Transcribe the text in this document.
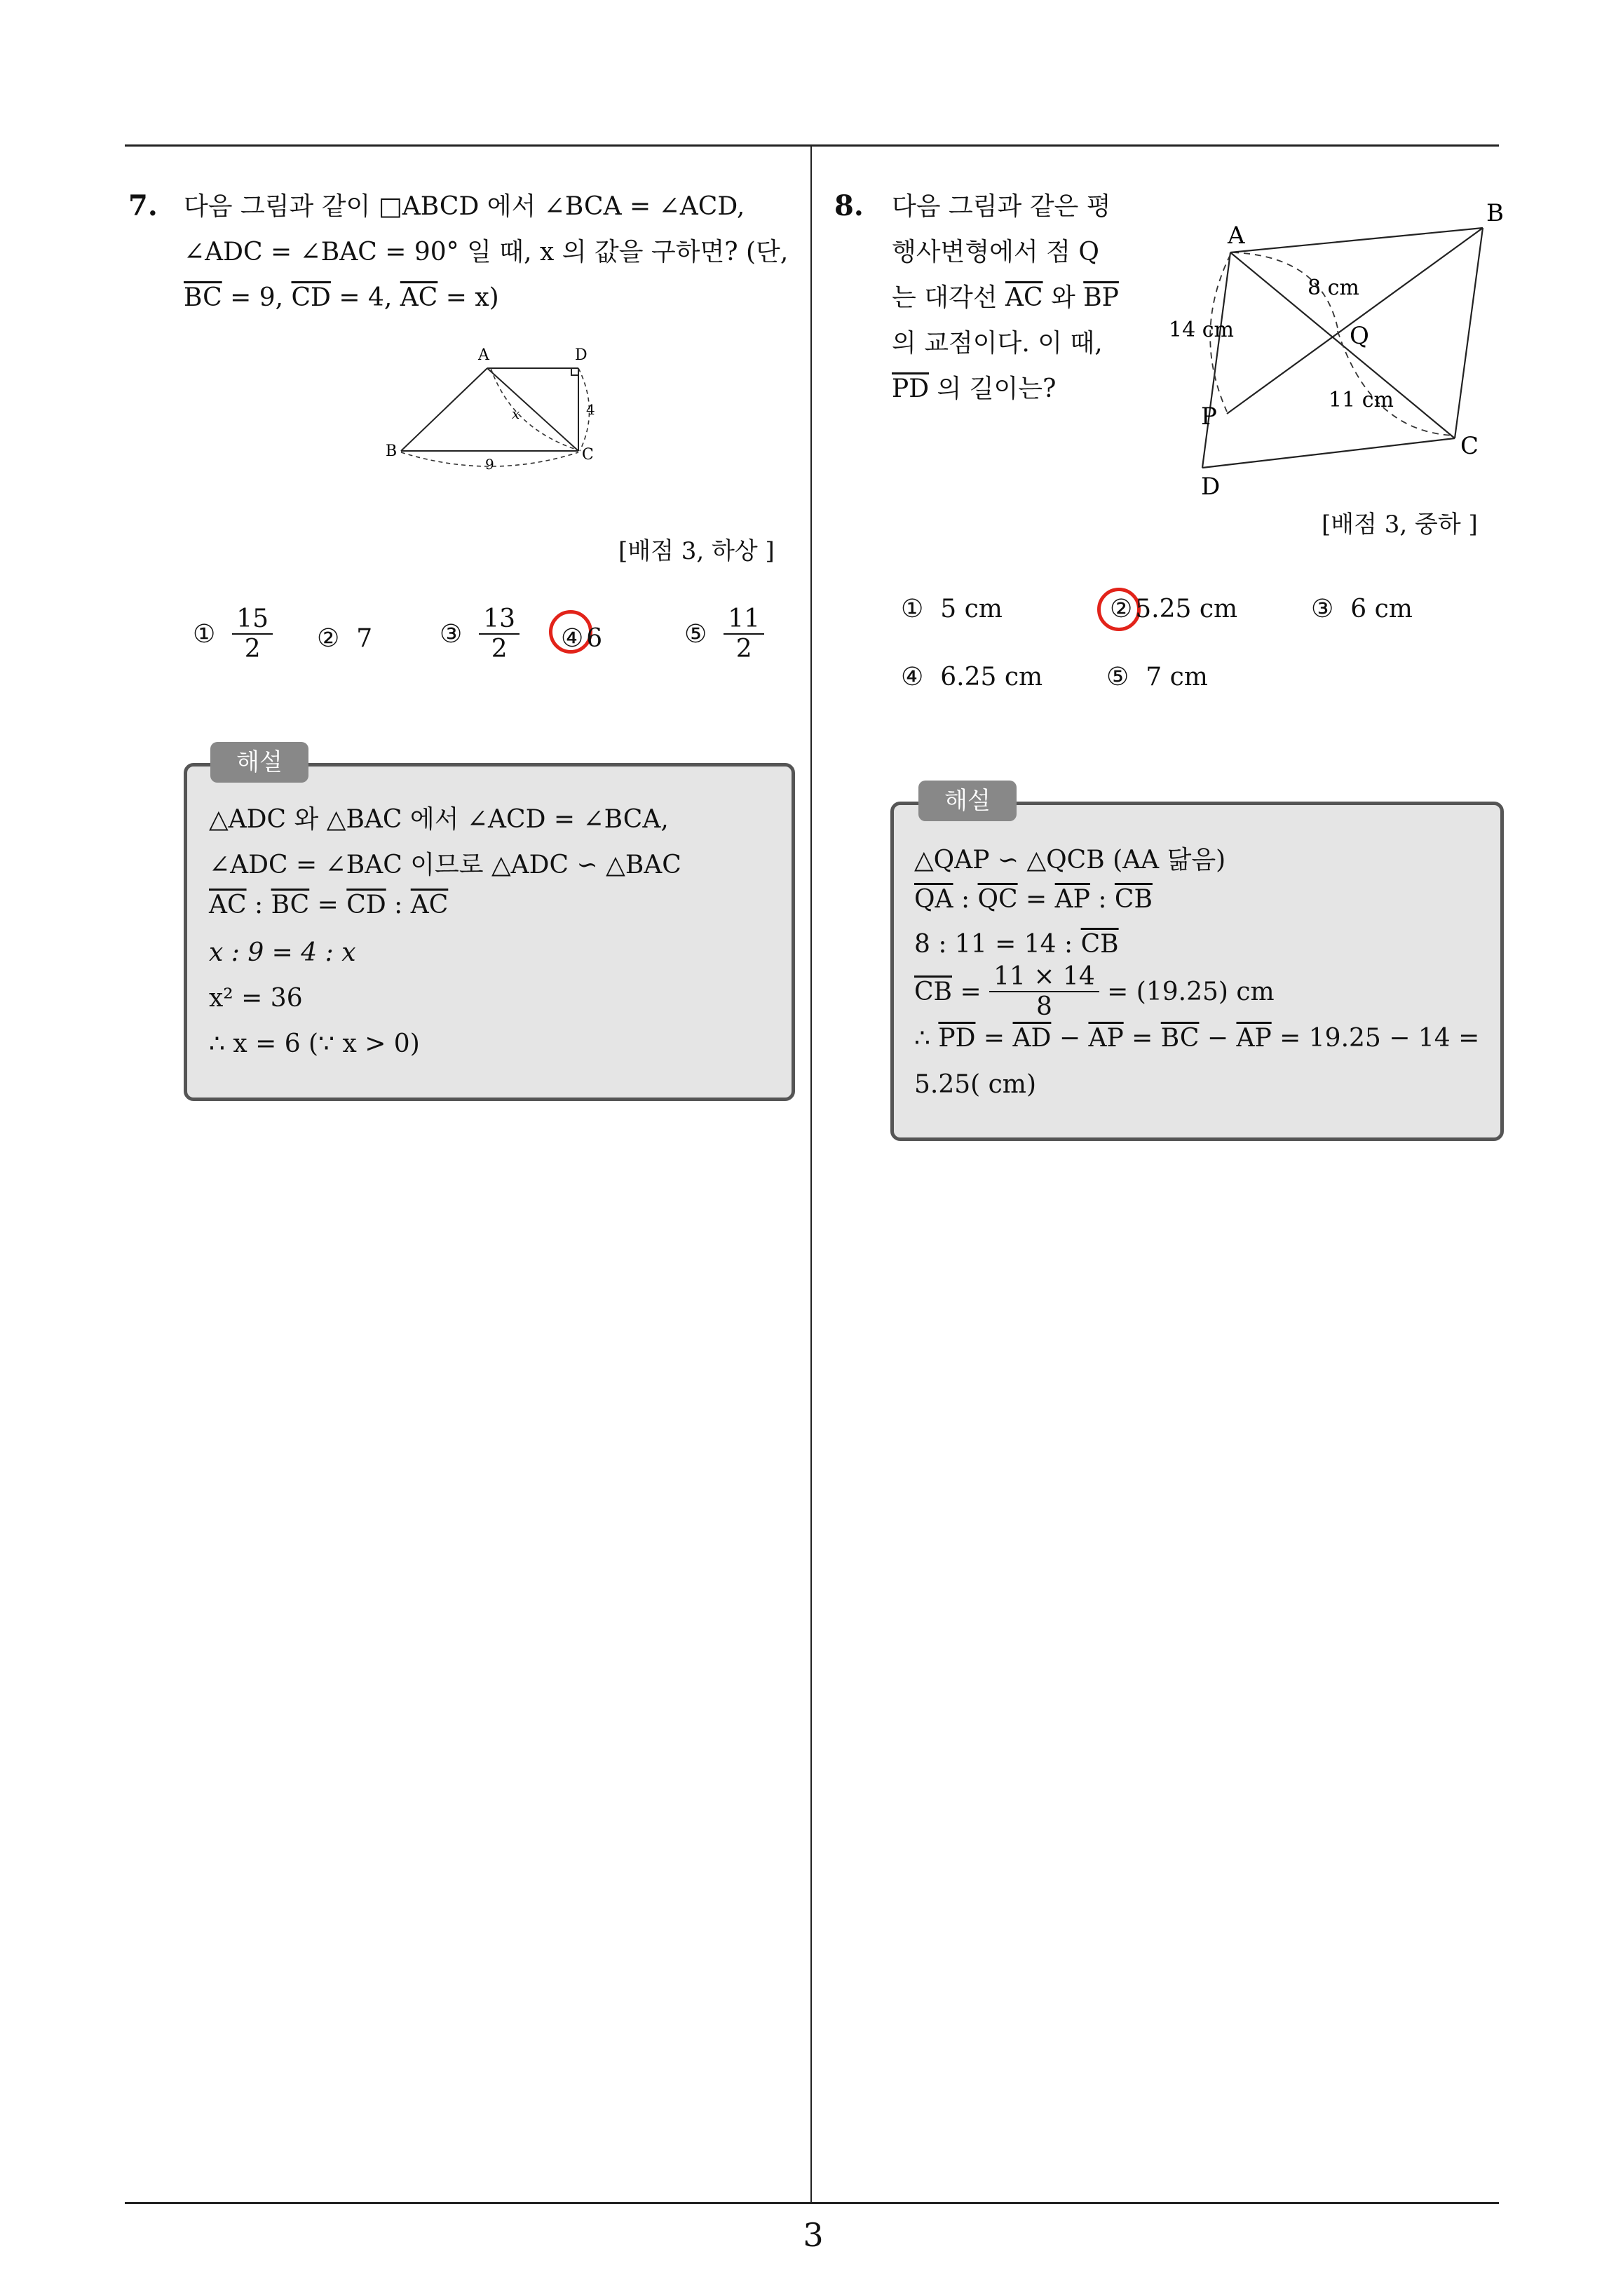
3
7. 다음 그림과 같이 □ABCD 에서 ∠BCA = ∠ACD,
∠ADC = ∠BAC = 90° 일 때, x 의 값을 구하면? (단,
$\overline{BC} = 9$, $\overline{CD} = 4$, $\overline{AC} = x$)
A	D
B	C
x	4
9
[배점 3, 하상 ]
① $\frac{15}{2}$ ② 7	③ $\frac{13}{2}$ ④ 6	⑤ $\frac{11}{2}$
해설
△ADC 와 △BAC 에서 ∠ACD = ∠BCA,
∠ADC = ∠BAC 이므로 △ADC ∽ △BAC
$\overline{AC}$ : $\overline{BC} = \overline{CD}$ : $\overline{AC}$
x : 9 = 4 : x
x² = 36
∴ x = 6 (∵ x > 0)
8. 다음 그림과 같은 평
행사변형에서 점 Q
는 대각선 $\overline{AC}$ 와 $\overline{BP}$
의 교점이다. 이 때,
$\overline{PD}$ 의 길이는?
A
B
C
D
P
Q
8 cm
14 cm
11 cm
[배점 3, 중하 ]
① 5 cm	② 5.25 cm	③ 6 cm
④ 6.25 cm	⑤ 7 cm
해설
△QAP ∽ △QCB (AA 닮음)
$\overline{QA}$ : $\overline{QC} = \overline{AP}$ : $\overline{CB}$
8 : 11 = 14 : $\overline{CB}$
$\overline{CB} = \frac{11 \times 14}{8} = (19.25)$ cm
∴ $\overline{PD} = \overline{AD} - \overline{AP} = \overline{BC} - \overline{AP} = 19.25 - 14$ =
5.25( cm)
